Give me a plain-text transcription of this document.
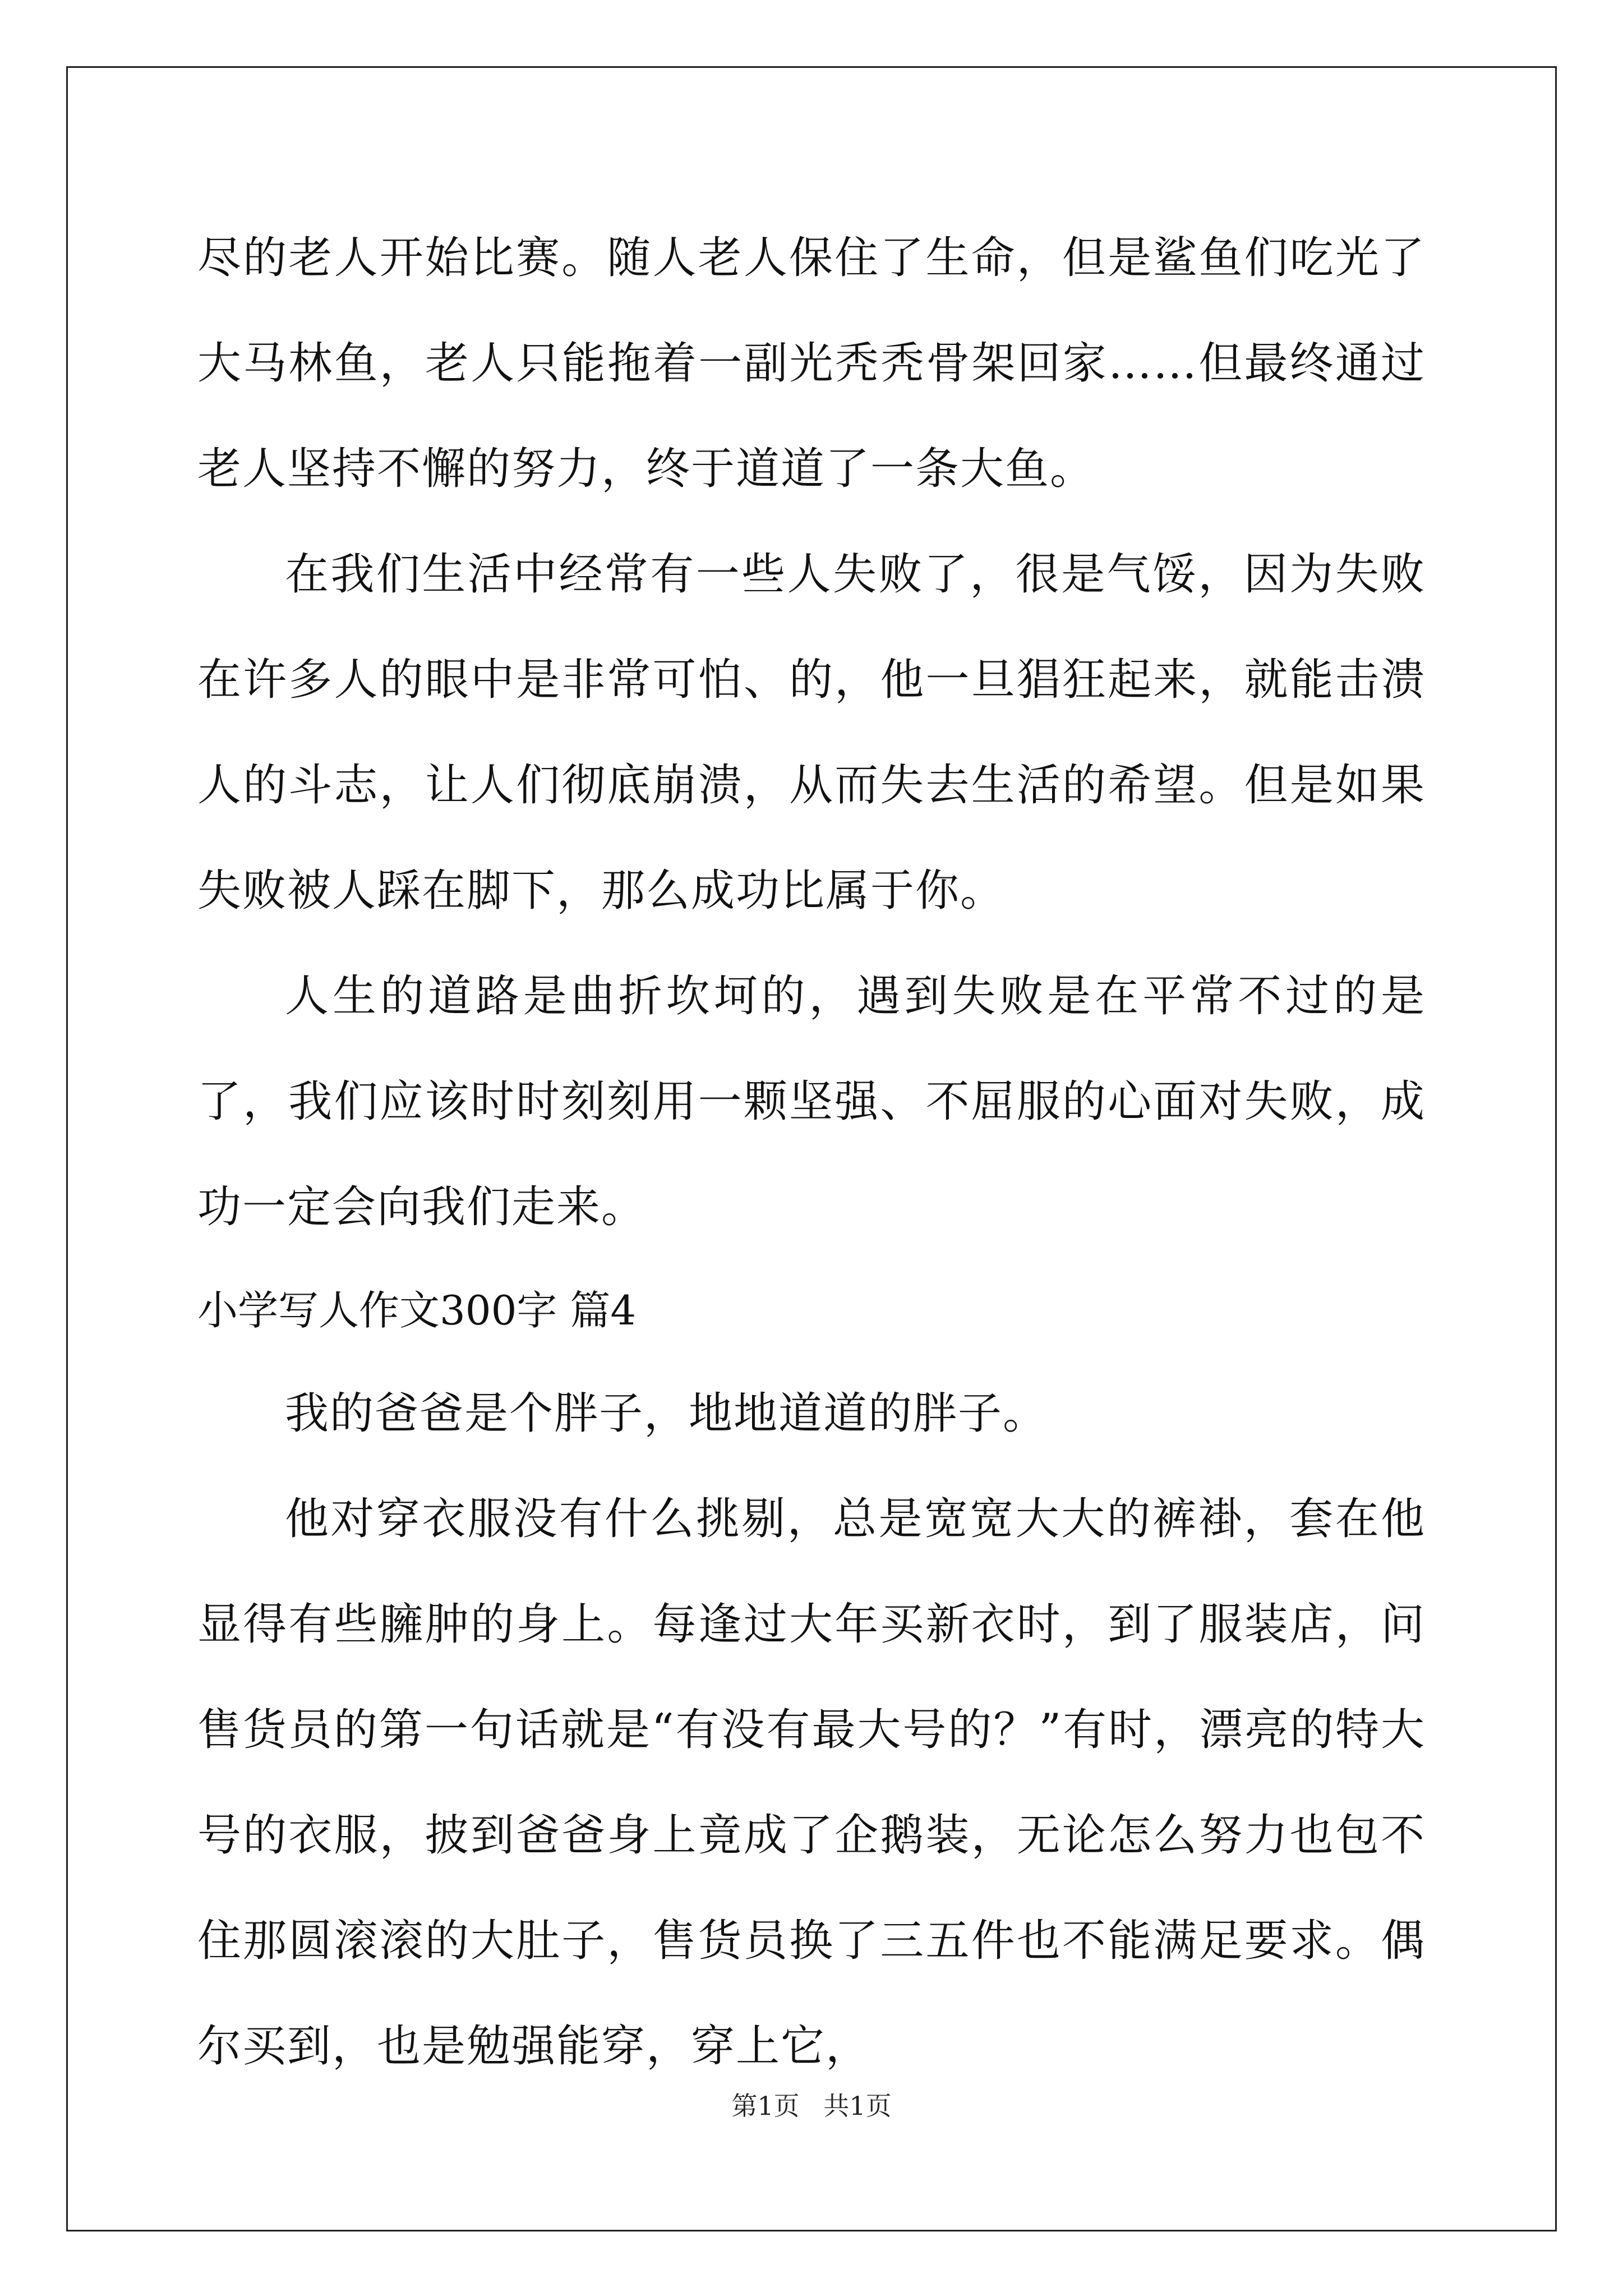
尽的老人开始比赛。随人老人保住了生命，但是鲨鱼们吃光了大马林鱼，老人只能拖着一副光秃秃骨架回家……但最终通过老人坚持不懈的努力，终于道道了一条大鱼。

在我们生活中经常有一些人失败了，很是气馁，因为失败在许多人的眼中是非常可怕、的，他一旦猖狂起来，就能击溃人的斗志，让人们彻底崩溃，从而失去生活的希望。但是如果失败被人踩在脚下，那么成功比属于你。

人生的道路是曲折坎坷的，遇到失败是在平常不过的是了，我们应该时时刻刻用一颗坚强、不屈服的心面对失败，成功一定会向我们走来。

小学写人作文300字 篇4

我的爸爸是个胖子，地地道道的胖子。

他对穿衣服没有什么挑剔，总是宽宽大大的裤褂，套在他显得有些臃肿的身上。每逢过大年买新衣时，到了服装店，问售货员的第一句话就是“有没有最大号的？”有时，漂亮的特大号的衣服，披到爸爸身上竟成了企鹅装，无论怎么努力也包不住那圆滚滚的大肚子，售货员换了三五件也不能满足要求。偶尔买到，也是勉强能穿，穿上它，

第1页 共1页
